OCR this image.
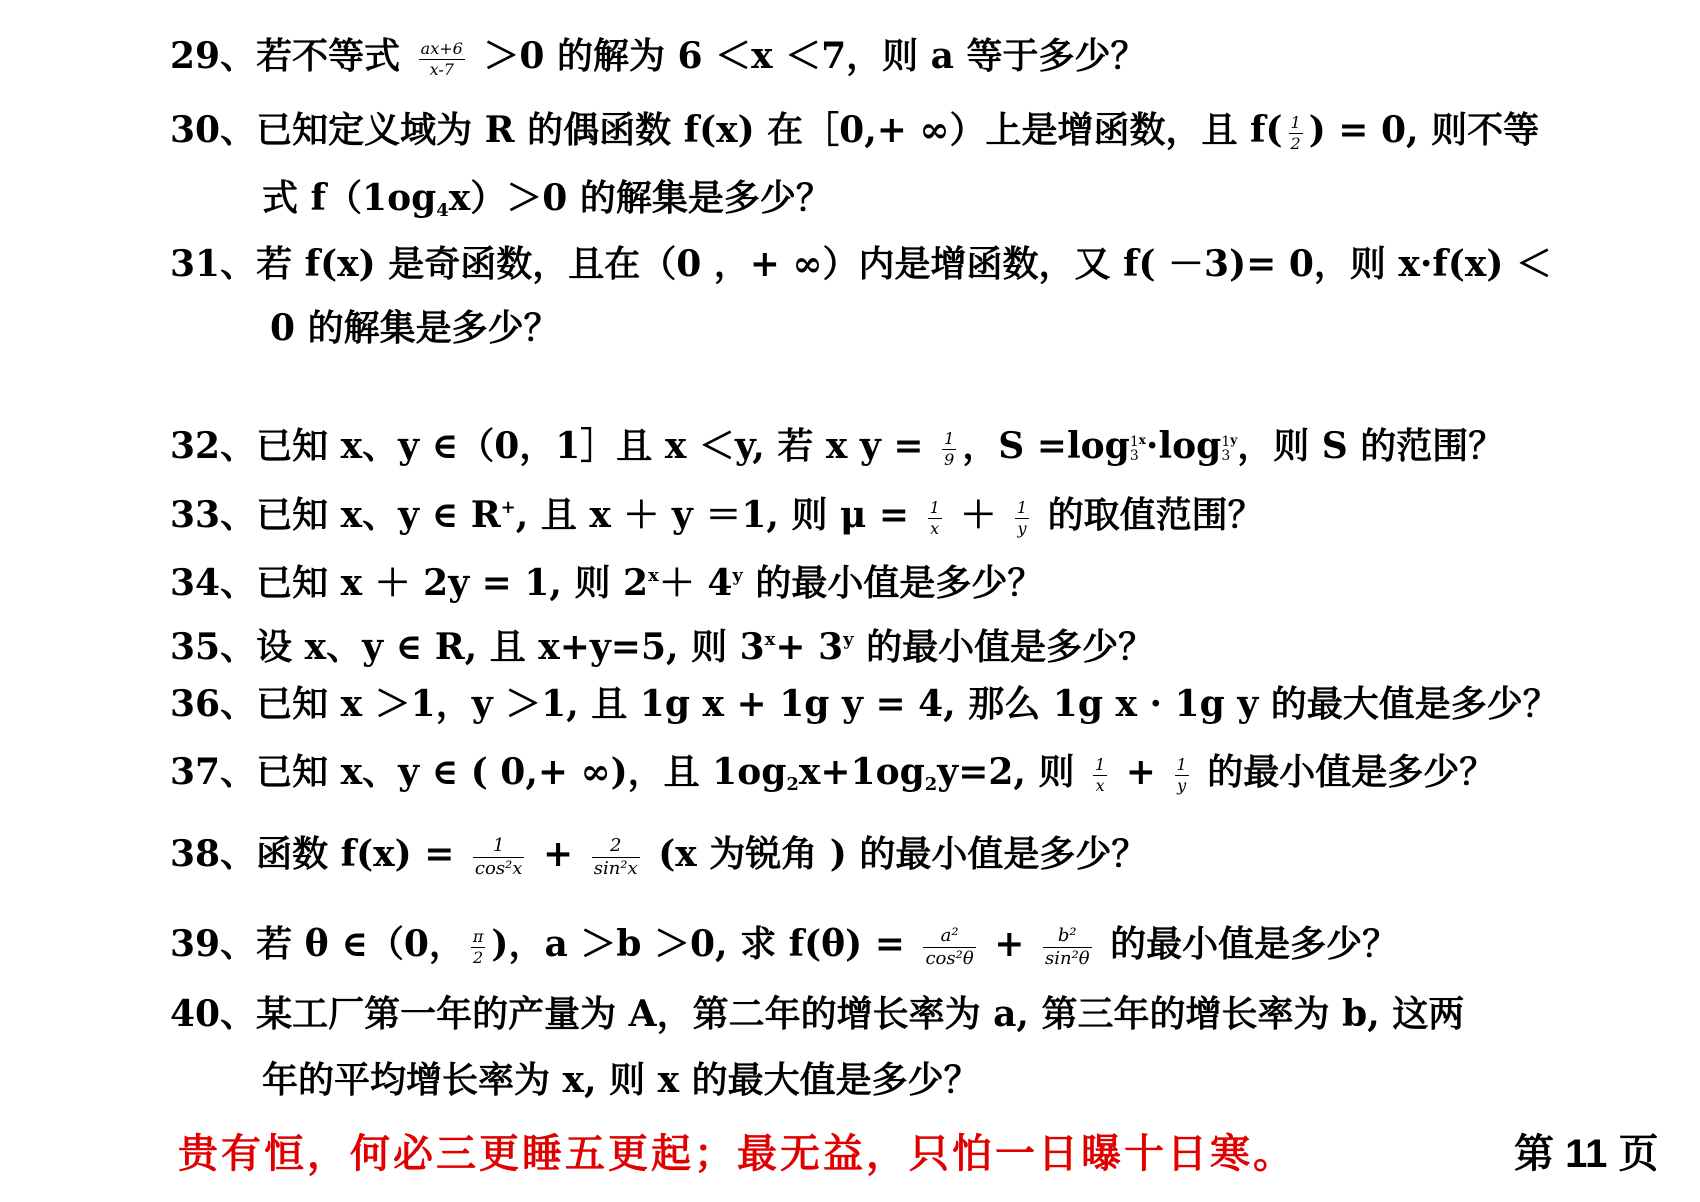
29、若不等式 $\frac{ax+6}{x-7} >0$ 的解为 6 ＜x ＜7，则 a 等于多少？
30、已知定义域为 R 的偶函数 f(x) 在［0,+ ∞）上是增函数，且 $f( \frac{1}{2}$ ) = 0, 则不等
式 $f(1og_4x)>0$ 的解集是多少？
31、若 f(x) 是奇函数，且在（0 ，+ ∞）内是增函数，又 f( －3)= 0，则 x·f(x) ＜
0 的解集是多少？
32、已知 x、y ∈（0，1］且 x ＜y, 若 x $y = \frac{1}{9}$ ，S =log 1
3
$^x$·log 1
3
$^y$，则 S 的范围？
33、已知 x、y ∈ R+, 且 x ＋ y ＝1, 则 $\mu = \frac{1}{x} + \frac{1}{y}$ 的取值范围？
34、已知 x ＋ 2y = 1, 则 $2^x+ 4^y$ 的最小值是多少？
35、设 x、y ∈ R, 且 x+y=5, 则 $3^x+ 3^y$ 的最小值是多少？
36、已知 x ＞1，y ＞1, 且 1g x + 1g y = 4, 那么 1g x · 1g y 的最大值是多少？
37、已知 x、y ∈ ( 0,+ ∞)，且 $1og_2x+1og_2y=2$, 则 $\frac{1}{x} + \frac{1}{y}$ 的最小值是多少？
38、函数 $f(x) = \frac{1}{\text{cos²x}} + \frac{2}{\text{sin²x}} (x$ 为锐角 ) 的最小值是多少？
39、若 θ ∈（0， $\frac{\pi}{2}$ )，a ＞b ＞0, 求 $f(\theta) = \frac{\text{a²}}{\text{cos²θ}} + \frac{\text{b²}}{\text{sin²θ}}$ 的最小值是多少？
40、某工厂第一年的产量为 A，第二年的增长率为 a, 第三年的增长率为 b, 这两
年的平均增长率为 x, 则 x 的最大值是多少？
贵有恒，何必三更睡五更起；最无益，只怕一日曝十日寒。	第 11 页
